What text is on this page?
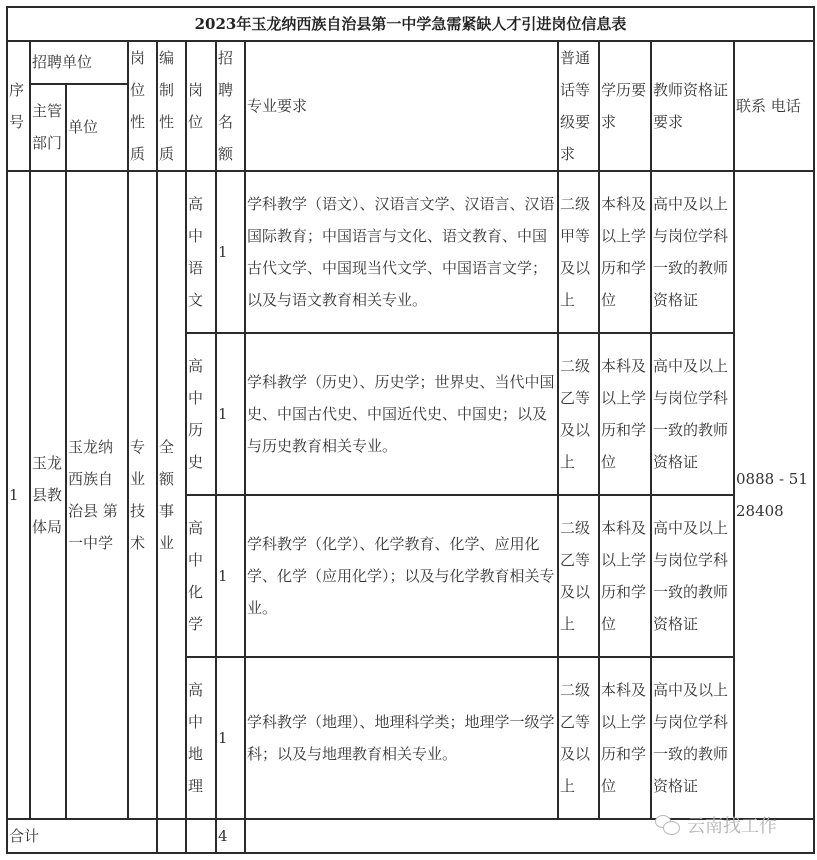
2023年玉龙纳西族自治县第一中学急需紧缺人才引进岗位信息表											
序号	招聘单位		岗位性质	编制性质	岗位	招聘名额	专业要求	普通话等级要求	学历要求	教师资格证要求	联系 电话
	主管部门	单位									
1	玉龙县教体局	玉龙纳西族自治县 第一中学	专业技术	全额事业	高中语文	1	学科教学（语文）、汉语言文学、汉语言、汉语国际教育；中国语言与文化、语文教育、中国古代文学、中国现当代文学、中国语言文学；以及与语文教育相关专业。	二级甲等及以上	本科及以上学历和学位	高中及以上与岗位学科一致的教师资格证	0888 - 5128408
					高中历史	1	学科教学（历史）、历史学；世界史、当代中国史、中国古代史、中国近代史、中国史；以及与历史教育相关专业。	二级乙等及以上	本科及以上学历和学位	高中及以上与岗位学科一致的教师资格证	
					高中化学	1	学科教学（化学）、化学教育、化学、应用化学、化学（应用化学）；以及与化学教育相关专业。	二级乙等及以上	本科及以上学历和学位	高中及以上与岗位学科一致的教师资格证	
					高中地理	1	学科教学（地理）、地理科学类；地理学一级学科；以及与地理教育相关专业。	二级乙等及以上	本科及以上学历和学位	高中及以上与岗位学科一致的教师资格证	
合计						4						云南找工作
